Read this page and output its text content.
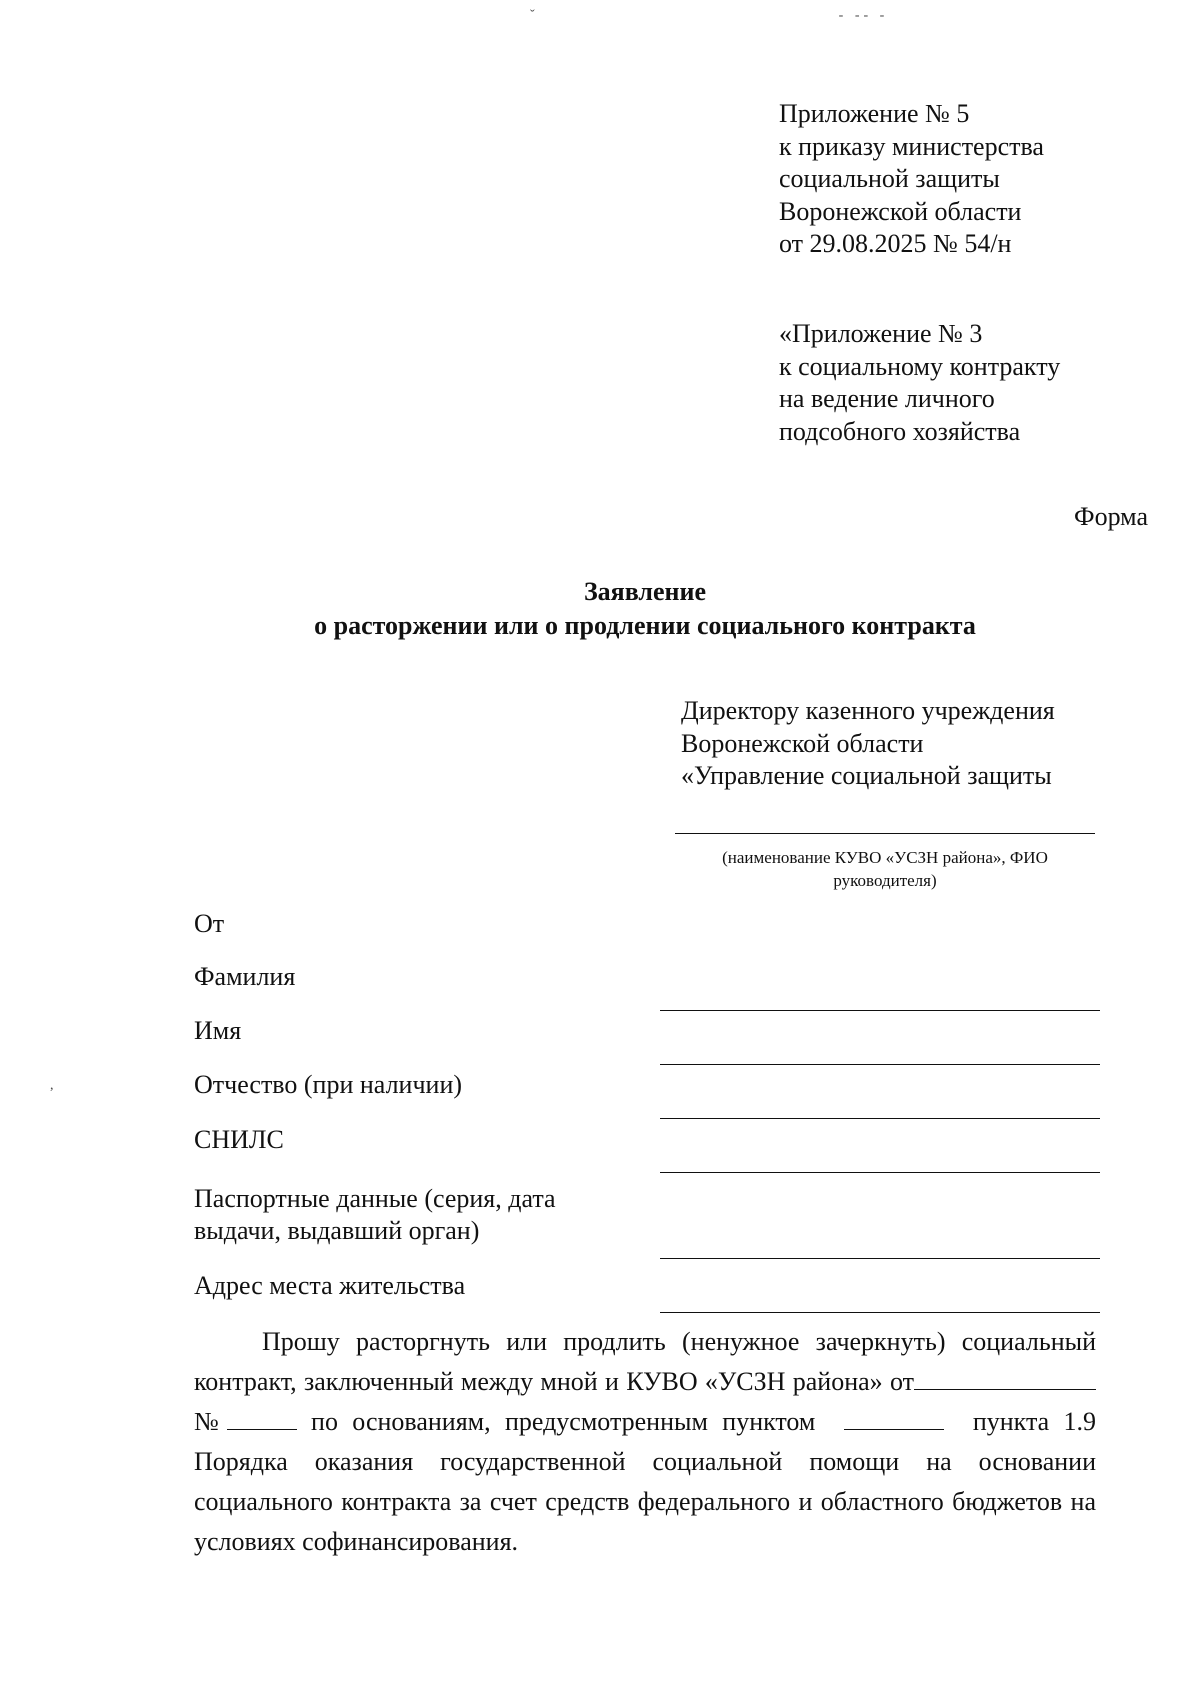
ˇ                                        - -- -
,
Приложение № 5
к приказу министерства
социальной защиты
Воронежской области
от 29.08.2025 № 54/н
«Приложение № 3
к социальному контракту
на ведение личного
подсобного хозяйства
Форма
Заявление
о расторжении или о продлении социального контракта
Директору казенного учреждения
Воронежской области
«Управление социальной защиты
(наименование КУВО «УСЗН района», ФИО руководителя)
От
Фамилия
Имя
Отчество (при наличии)
СНИЛС
Паспортные данные (серия, дата
выдачи, выдавший орган)
Адрес места жительства
Прошу расторгнуть или продлить (ненужное зачеркнуть) социальный контракт, заключенный между мной и КУВО «УСЗН района» от №	по основаниям, предусмотренным пунктом	пункта 1.9 Порядка оказания государственной социальной помощи на основании социального контракта за счет средств федерального и областного бюджетов на условиях софинансирования.
